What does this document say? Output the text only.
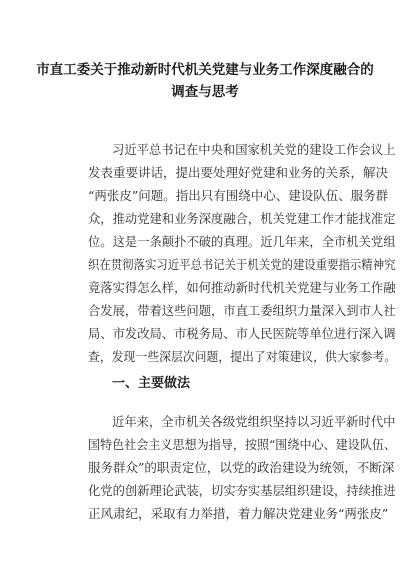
市直工委关于推动新时代机关党建与业务工作深度融合的
调查与思考
习近平总书记在中央和国家机关党的建设工作会议上
发表重要讲话，提出要处理好党建和业务的关系，解决
“两张皮”问题。指出只有围绕中心、建设队伍、服务群
众，推动党建和业务深度融合，机关党建工作才能找准定
位。这是一条颠扑不破的真理。近几年来，全市机关党组
织在贯彻落实习近平总书记关于机关党的建设重要指示精神究
竟落实得怎么样，如何推动新时代机关党建与业务工作融
合发展，带着这些问题，市直工委组织力量深入到市人社
局、市发改局、市税务局、市人民医院等单位进行深入调
查，发现一些深层次问题，提出了对策建议，供大家参考。
一、主要做法
近年来，全市机关各级党组织坚持以习近平新时代中
国特色社会主义思想为指导，按照“围绕中心、建设队伍、
服务群众”的职责定位，以党的政治建设为统领，不断深
化党的创新理论武装，切实夯实基层组织建设，持续推进
正风肃纪，采取有力举措，着力解决党建业务“两张皮”
